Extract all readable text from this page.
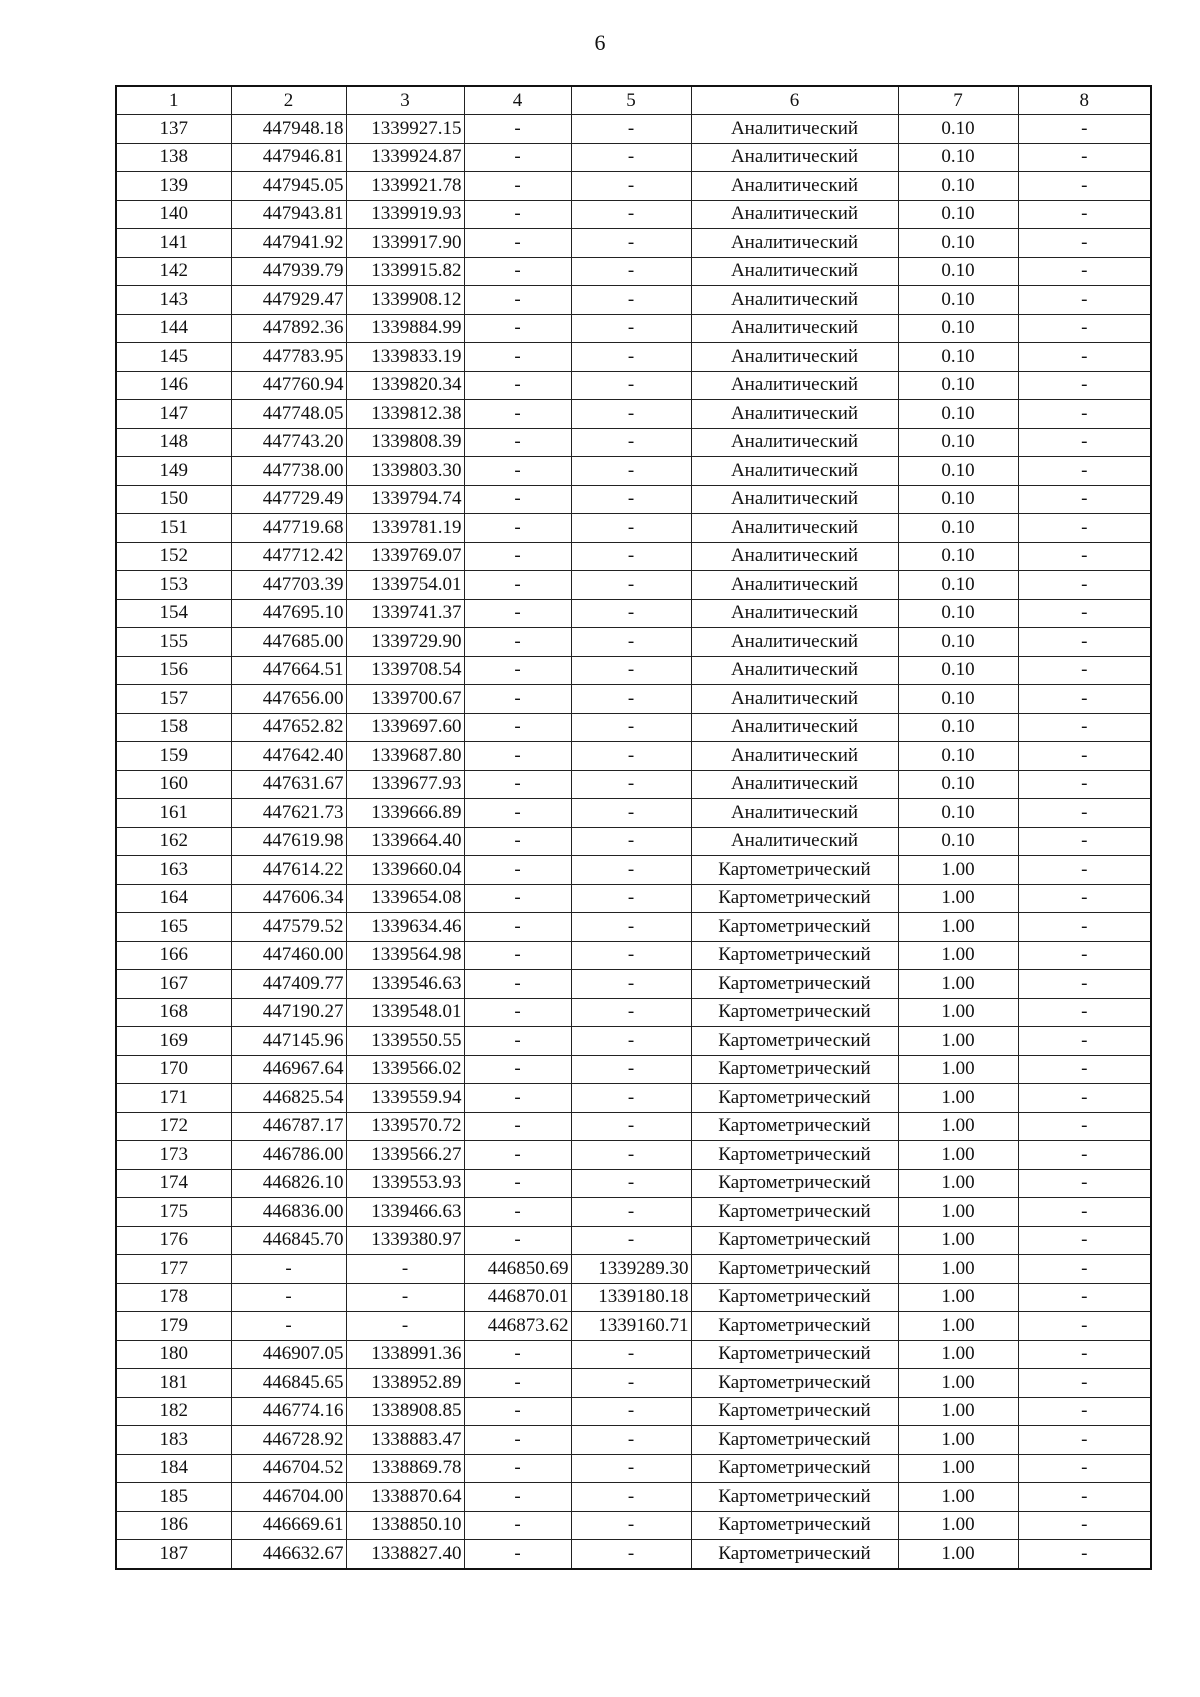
6
1	2	3	4	5	6	7	8
137	447948.18	1339927.15	-	-	Аналитический	0.10	-
138	447946.81	1339924.87	-	-	Аналитический	0.10	-
139	447945.05	1339921.78	-	-	Аналитический	0.10	-
140	447943.81	1339919.93	-	-	Аналитический	0.10	-
141	447941.92	1339917.90	-	-	Аналитический	0.10	-
142	447939.79	1339915.82	-	-	Аналитический	0.10	-
143	447929.47	1339908.12	-	-	Аналитический	0.10	-
144	447892.36	1339884.99	-	-	Аналитический	0.10	-
145	447783.95	1339833.19	-	-	Аналитический	0.10	-
146	447760.94	1339820.34	-	-	Аналитический	0.10	-
147	447748.05	1339812.38	-	-	Аналитический	0.10	-
148	447743.20	1339808.39	-	-	Аналитический	0.10	-
149	447738.00	1339803.30	-	-	Аналитический	0.10	-
150	447729.49	1339794.74	-	-	Аналитический	0.10	-
151	447719.68	1339781.19	-	-	Аналитический	0.10	-
152	447712.42	1339769.07	-	-	Аналитический	0.10	-
153	447703.39	1339754.01	-	-	Аналитический	0.10	-
154	447695.10	1339741.37	-	-	Аналитический	0.10	-
155	447685.00	1339729.90	-	-	Аналитический	0.10	-
156	447664.51	1339708.54	-	-	Аналитический	0.10	-
157	447656.00	1339700.67	-	-	Аналитический	0.10	-
158	447652.82	1339697.60	-	-	Аналитический	0.10	-
159	447642.40	1339687.80	-	-	Аналитический	0.10	-
160	447631.67	1339677.93	-	-	Аналитический	0.10	-
161	447621.73	1339666.89	-	-	Аналитический	0.10	-
162	447619.98	1339664.40	-	-	Аналитический	0.10	-
163	447614.22	1339660.04	-	-	Картометрический	1.00	-
164	447606.34	1339654.08	-	-	Картометрический	1.00	-
165	447579.52	1339634.46	-	-	Картометрический	1.00	-
166	447460.00	1339564.98	-	-	Картометрический	1.00	-
167	447409.77	1339546.63	-	-	Картометрический	1.00	-
168	447190.27	1339548.01	-	-	Картометрический	1.00	-
169	447145.96	1339550.55	-	-	Картометрический	1.00	-
170	446967.64	1339566.02	-	-	Картометрический	1.00	-
171	446825.54	1339559.94	-	-	Картометрический	1.00	-
172	446787.17	1339570.72	-	-	Картометрический	1.00	-
173	446786.00	1339566.27	-	-	Картометрический	1.00	-
174	446826.10	1339553.93	-	-	Картометрический	1.00	-
175	446836.00	1339466.63	-	-	Картометрический	1.00	-
176	446845.70	1339380.97	-	-	Картометрический	1.00	-
177	-	-	446850.69	1339289.30	Картометрический	1.00	-
178	-	-	446870.01	1339180.18	Картометрический	1.00	-
179	-	-	446873.62	1339160.71	Картометрический	1.00	-
180	446907.05	1338991.36	-	-	Картометрический	1.00	-
181	446845.65	1338952.89	-	-	Картометрический	1.00	-
182	446774.16	1338908.85	-	-	Картометрический	1.00	-
183	446728.92	1338883.47	-	-	Картометрический	1.00	-
184	446704.52	1338869.78	-	-	Картометрический	1.00	-
185	446704.00	1338870.64	-	-	Картометрический	1.00	-
186	446669.61	1338850.10	-	-	Картометрический	1.00	-
187	446632.67	1338827.40	-	-	Картометрический	1.00	-
